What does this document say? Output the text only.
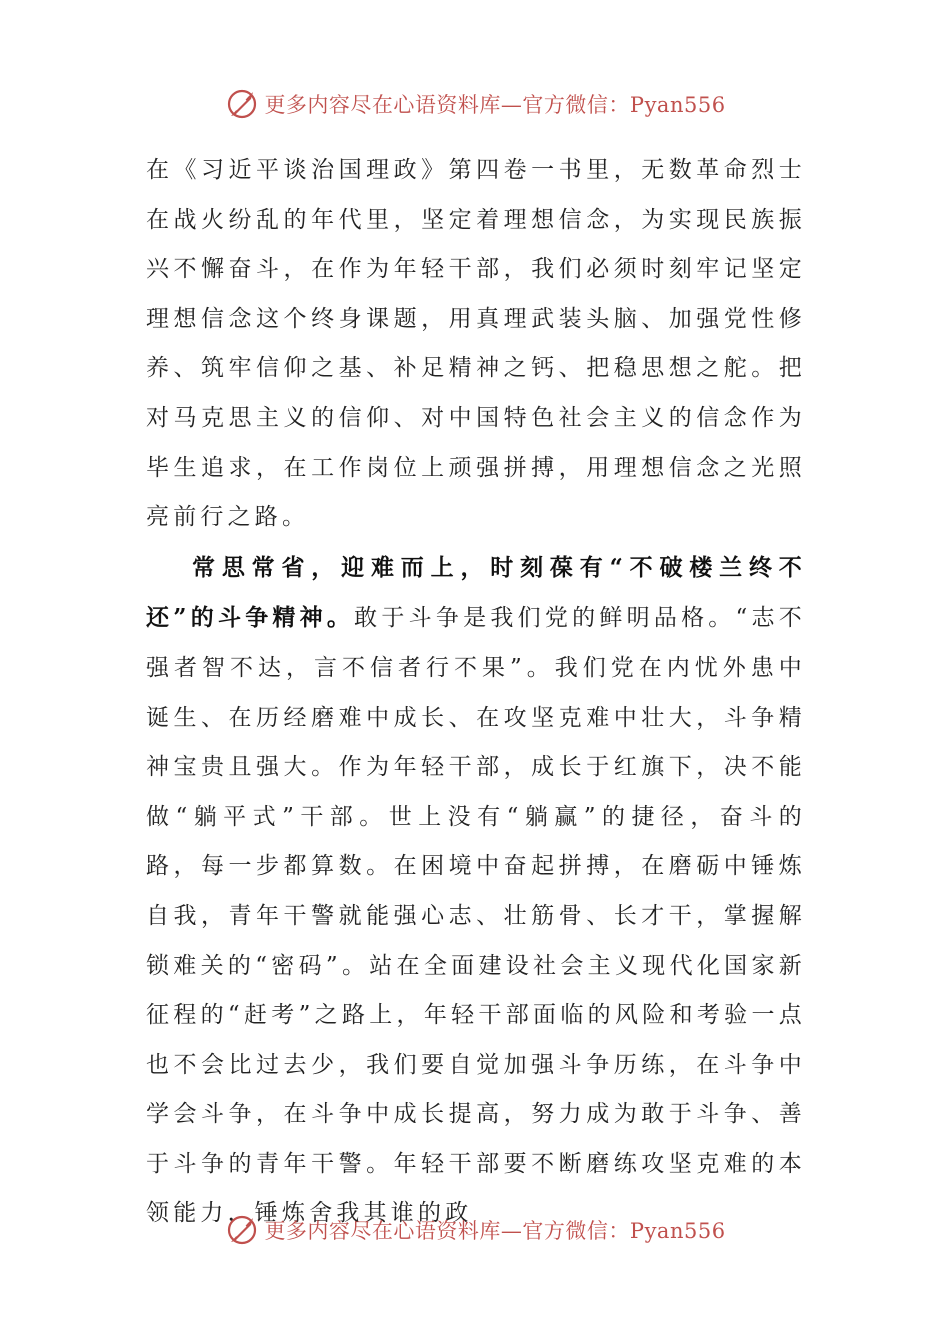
更多内容尽在心语资料库—官方微信：Pyan556

在《习近平谈治国理政》第四卷一书里，无数革命烈士在战火纷乱的年代里，坚定着理想信念，为实现民族振兴不懈奋斗，在作为年轻干部，我们必须时刻牢记坚定理想信念这个终身课题，用真理武装头脑、加强党性修养、筑牢信仰之基、补足精神之钙、把稳思想之舵。把对马克思主义的信仰、对中国特色社会主义的信念作为毕生追求，在工作岗位上顽强拼搏，用理想信念之光照亮前行之路。

常思常省，迎难而上，时刻葆有“不破楼兰终不还”的斗争精神。敢于斗争是我们党的鲜明品格。“志不强者智不达，言不信者行不果”。我们党在内忧外患中诞生、在历经磨难中成长、在攻坚克难中壮大，斗争精神宝贵且强大。作为年轻干部，成长于红旗下，决不能做“躺平式”干部。世上没有“躺赢”的捷径，奋斗的路，每一步都算数。在困境中奋起拼搏，在磨砺中锤炼自我，青年干警就能强心志、壮筋骨、长才干，掌握解锁难关的“密码”。站在全面建设社会主义现代化国家新征程的“赶考”之路上，年轻干部面临的风险和考验一点也不会比过去少，我们要自觉加强斗争历练，在斗争中学会斗争，在斗争中成长提高，努力成为敢于斗争、善于斗争的青年干警。年轻干部要不断磨练攻坚克难的本领能力，锤炼舍我其谁的政

更多内容尽在心语资料库—官方微信：Pyan556
